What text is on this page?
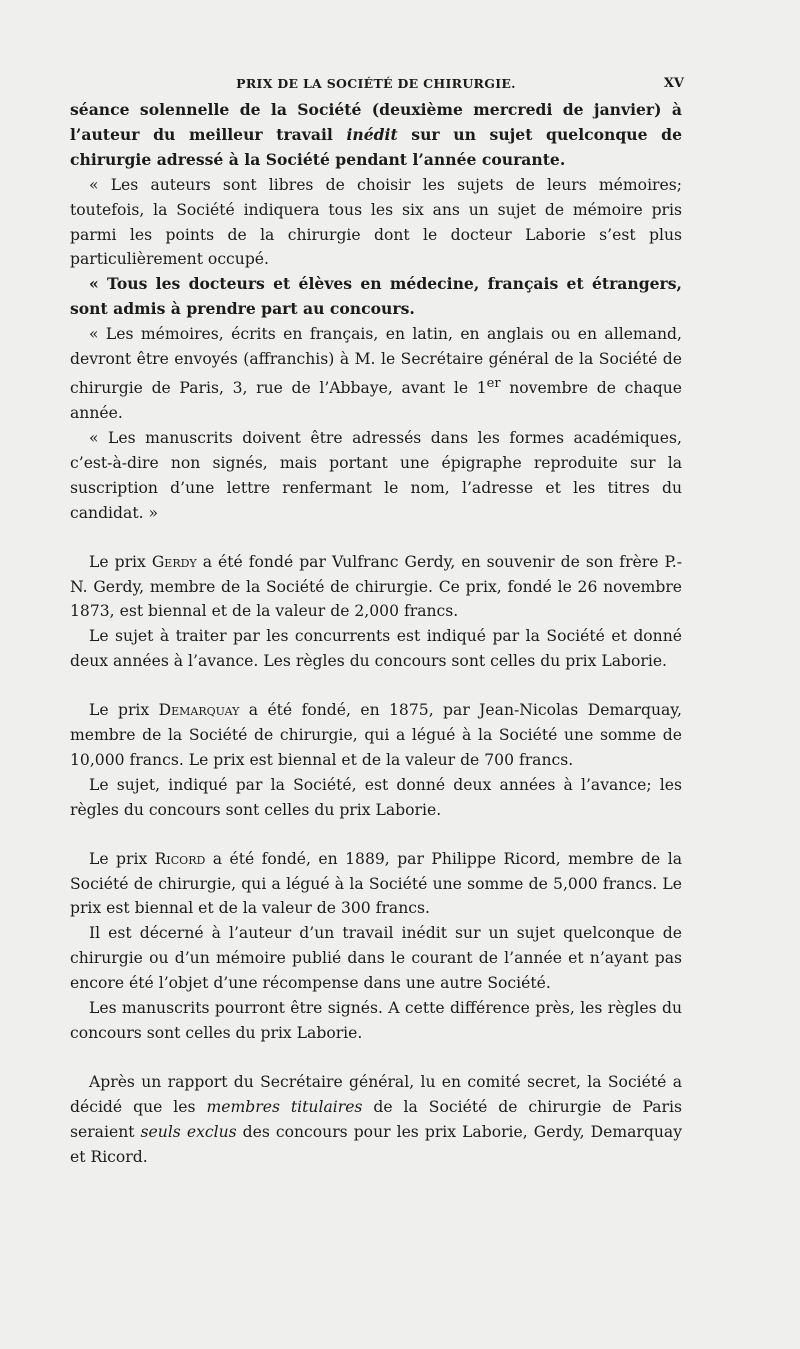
PRIX DE LA SOCIÉTÉ DE CHIRURGIE.	XV

séance solennelle de la Société (deuxième mercredi de janvier) à l’auteur du meilleur travail inédit sur un sujet quelconque de chirurgie adressé à la Société pendant l’année courante.

« Les auteurs sont libres de choisir les sujets de leurs mémoires; toutefois, la Société indiquera tous les six ans un sujet de mémoire pris parmi les points de la chirurgie dont le docteur Laborie s’est plus particulièrement occupé.

« Tous les docteurs et élèves en médecine, français et étrangers, sont admis à prendre part au concours.

« Les mémoires, écrits en français, en latin, en anglais ou en allemand, devront être envoyés (affranchis) à M. le Secrétaire général de la Société de chirurgie de Paris, 3, rue de l’Abbaye, avant le 1er novembre de chaque année.

« Les manuscrits doivent être adressés dans les formes académiques, c’est-à-dire non signés, mais portant une épigraphe reproduite sur la suscription d’une lettre renfermant le nom, l’adresse et les titres du candidat. »

Le prix Gerdy a été fondé par Vulfranc Gerdy, en souvenir de son frère P.-N. Gerdy, membre de la Société de chirurgie. Ce prix, fondé le 26 novembre 1873, est biennal et de la valeur de 2,000 francs.

Le sujet à traiter par les concurrents est indiqué par la Société et donné deux années à l’avance. Les règles du concours sont celles du prix Laborie.

Le prix Demarquay a été fondé, en 1875, par Jean-Nicolas Demarquay, membre de la Société de chirurgie, qui a légué à la Société une somme de 10,000 francs. Le prix est biennal et de la valeur de 700 francs.

Le sujet, indiqué par la Société, est donné deux années à l’avance; les règles du concours sont celles du prix Laborie.

Le prix Ricord a été fondé, en 1889, par Philippe Ricord, membre de la Société de chirurgie, qui a légué à la Société une somme de 5,000 francs. Le prix est biennal et de la valeur de 300 francs.

Il est décerné à l’auteur d’un travail inédit sur un sujet quelconque de chirurgie ou d’un mémoire publié dans le courant de l’année et n’ayant pas encore été l’objet d’une récompense dans une autre Société.

Les manuscrits pourront être signés. A cette différence près, les règles du concours sont celles du prix Laborie.

Après un rapport du Secrétaire général, lu en comité secret, la Société a décidé que les membres titulaires de la Société de chirurgie de Paris seraient seuls exclus des concours pour les prix Laborie, Gerdy, Demarquay et Ricord.
